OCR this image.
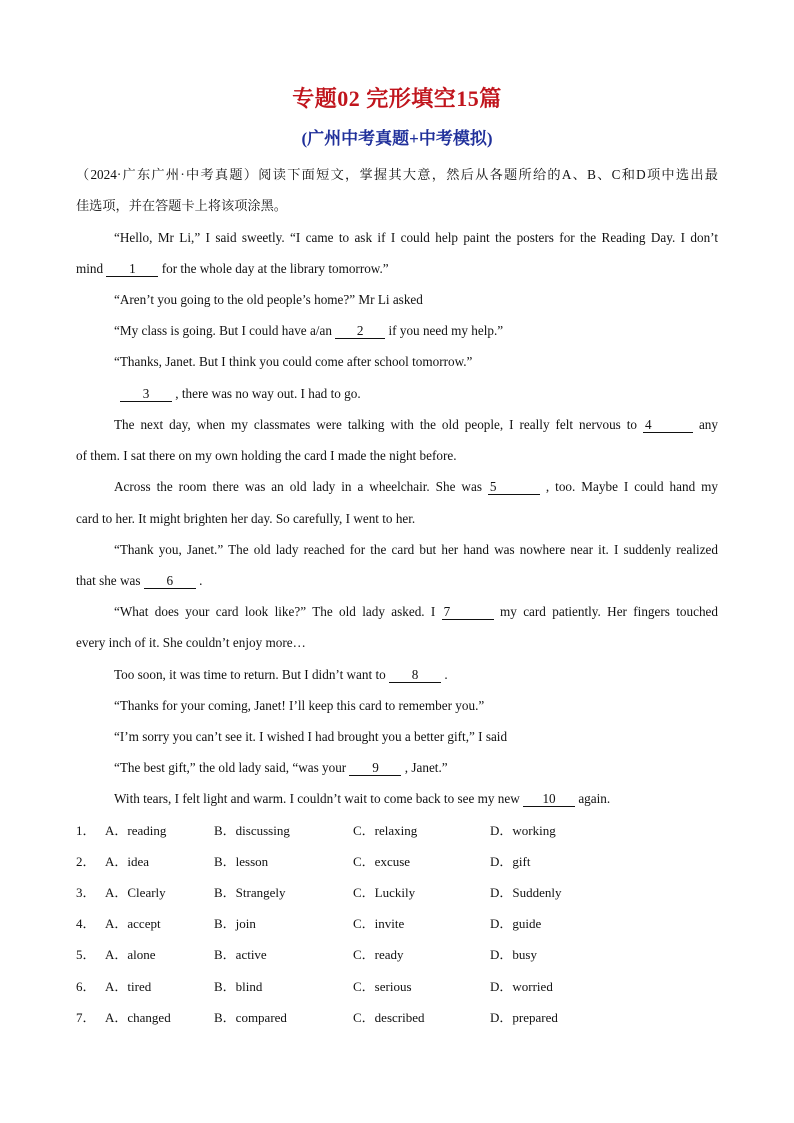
专题02 完形填空15篇
(广州中考真题+中考模拟)
（2024·广东广州·中考真题）阅读下面短文，掌握其大意，然后从各题所给的A、B、C和D项中选出最
佳选项，并在答题卡上将该项涂黑。
“Hello, Mr Li,” I said sweetly. “I came to ask if I could help paint the posters for the Reading Day. I don’t
mind 1 for the whole day at the library tomorrow.”
“Aren’t you going to the old people’s home?” Mr Li asked
“My class is going. But I could have a/an 2 if you need my help.”
“Thanks, Janet. But I think you could come after school tomorrow.”
3 , there was no way out. I had to go.
The next day, when my classmates were talking with the old people, I really felt nervous to 4	any
of them. I sat there on my own holding the card I made the night before.
Across the room there was an old lady in a wheelchair. She was 5	, too. Maybe I could hand my
card to her. It might brighten her day. So carefully, I went to her.
“Thank you, Janet.” The old lady reached for the card but her hand was nowhere near it. I suddenly realized
that she was 6 .
“What does your card look like?” The old lady asked. I 7	my card patiently. Her fingers touched
every inch of it. She couldn’t enjoy more…
Too soon, it was time to return. But I didn’t want to 8 .
“Thanks for your coming, Janet! I’ll keep this card to remember you.”
“I’m sorry you can’t see it. I wished I had brought you a better gift,” I said
“The best gift,” the old lady said, “was your 9 , Janet.”
With tears, I felt light and warm. I couldn’t wait to come back to see my new 10 again.
1． A．reading	B．discussing	C．relaxing	D．working
2． A．idea	B．lesson	C．excuse	D．gift
3． A．Clearly	B．Strangely	C．Luckily	D．Suddenly
4． A．accept	B．join	C．invite	D．guide
5． A．alone	B．active	C．ready	D．busy
6． A．tired	B．blind	C．serious	D．worried
7． A．changed	B．compared	C．described	D．prepared
